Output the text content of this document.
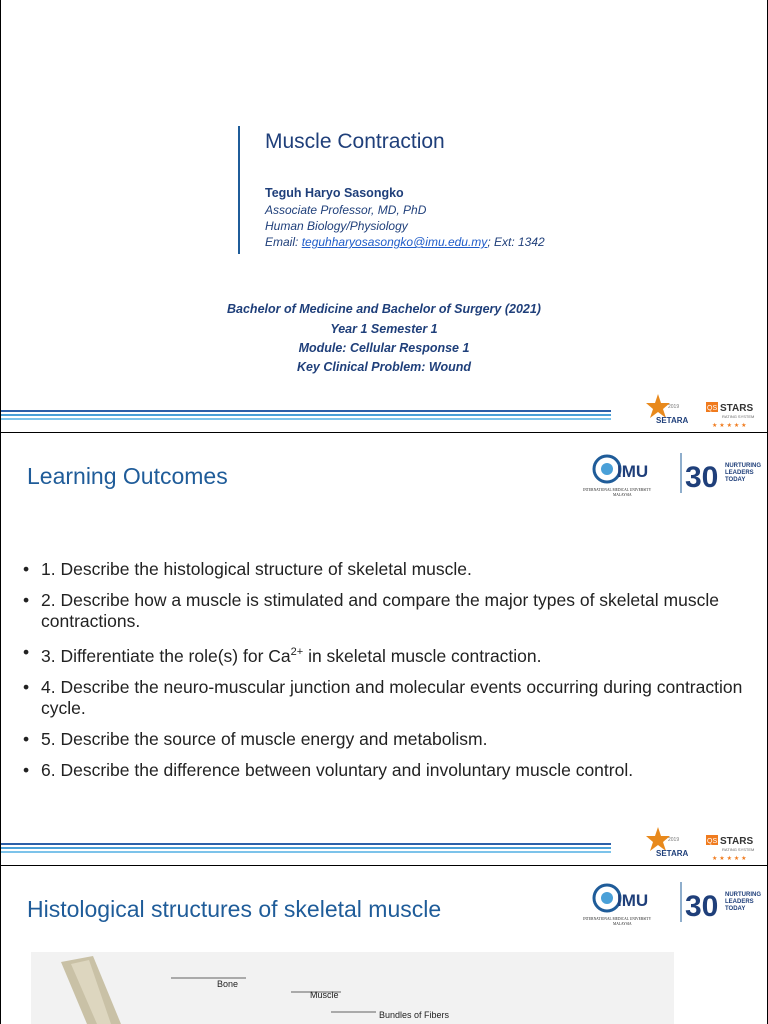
Muscle Contraction
Teguh Haryo Sasongko
Associate Professor, MD, PhD
Human Biology/Physiology
Email: teguhharyosasongko@imu.edu.my; Ext: 1342
Bachelor of Medicine and Bachelor of Surgery (2021)
Year 1 Semester 1
Module: Cellular Response 1
Key Clinical Problem: Wound
2019
SETARA
QS STARS
RATING SYSTEM
★ ★ ★ ★ ★
Learning Outcomes	IMU
INTERNATIONAL MEDICAL UNIVERSITY
MALAYSIA
30 NURTURING
LEADERS
TODAY
• 1. Describe the histological structure of skeletal muscle.
• 2. Describe how a muscle is stimulated and compare the major types of skeletal muscle contractions.
• 3. Differentiate the role(s) for $Ca^{2+}$ in skeletal muscle contraction.
• 4. Describe the neuro-muscular junction and molecular events occurring during contraction cycle.
• 5. Describe the source of muscle energy and metabolism.
• 6. Describe the difference between voluntary and involuntary muscle control.
2019
SETARA
QS STARS
RATING SYSTEM
★ ★ ★ ★ ★
Histological structures of skeletal muscle	IMU
INTERNATIONAL MEDICAL UNIVERSITY
MALAYSIA
30 NURTURING
LEADERS
TODAY
Bone
Muscle
Bundles of Fibers
